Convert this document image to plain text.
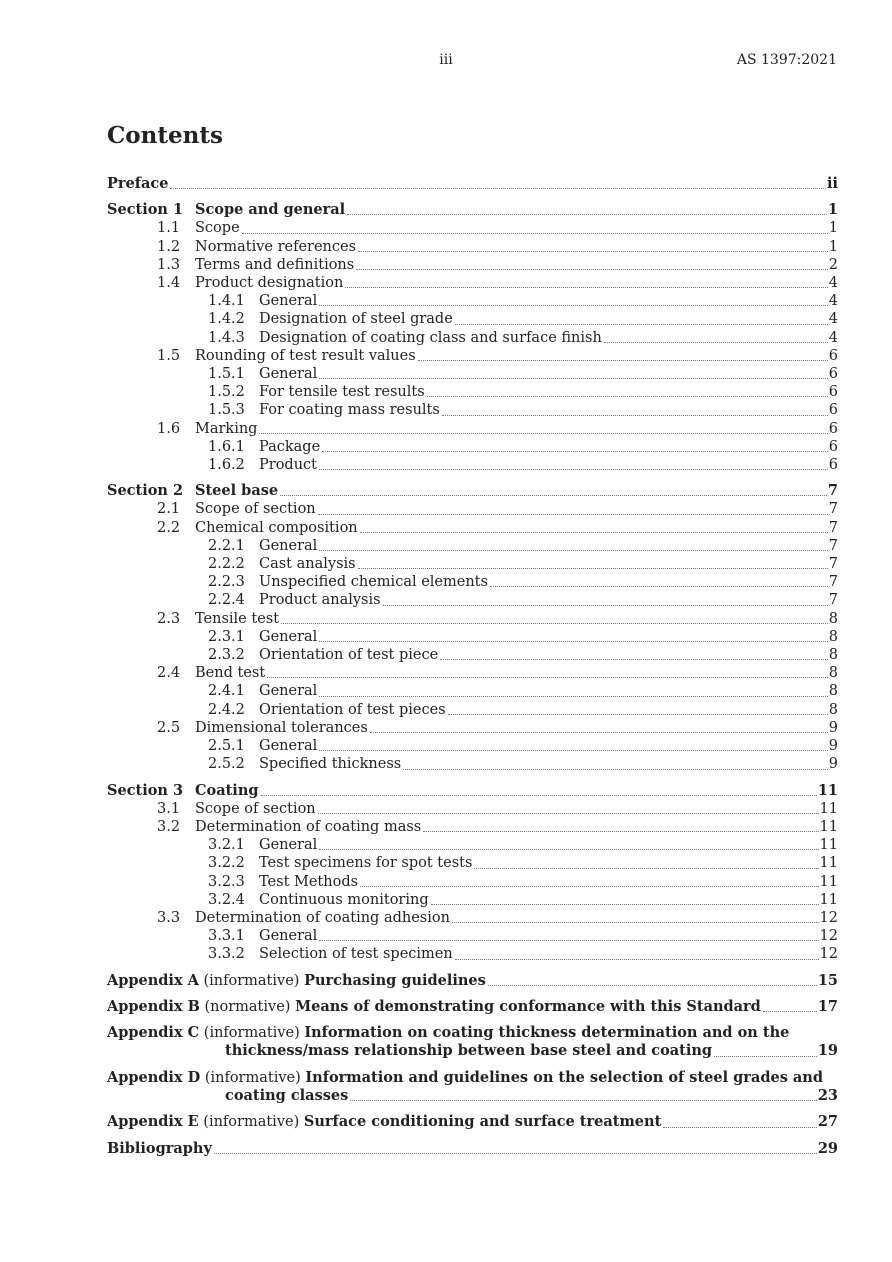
iii	AS 1397:2021
Contents
Preface	ii
Section 1 Scope and general	1
1.1 Scope	1
1.2 Normative references	1
1.3 Terms and definitions	2
1.4 Product designation	4
1.4.1 General	4
1.4.2 Designation of steel grade	4
1.4.3 Designation of coating class and surface finish	4
1.5 Rounding of test result values	6
1.5.1 General	6
1.5.2 For tensile test results	6
1.5.3 For coating mass results	6
1.6 Marking	6
1.6.1 Package	6
1.6.2 Product	6
Section 2 Steel base	7
2.1 Scope of section	7
2.2 Chemical composition	7
2.2.1 General	7
2.2.2 Cast analysis	7
2.2.3 Unspecified chemical elements	7
2.2.4 Product analysis	7
2.3 Tensile test	8
2.3.1 General	8
2.3.2 Orientation of test piece	8
2.4 Bend test	8
2.4.1 General	8
2.4.2 Orientation of test pieces	8
2.5 Dimensional tolerances	9
2.5.1 General	9
2.5.2 Specified thickness	9
Section 3 Coating	11
3.1 Scope of section	11
3.2 Determination of coating mass	11
3.2.1 General	11
3.2.2 Test specimens for spot tests	11
3.2.3 Test Methods	11
3.2.4 Continuous monitoring	11
3.3 Determination of coating adhesion	12
3.3.1 General	12
3.3.2 Selection of test specimen	12
Appendix A (informative) Purchasing guidelines	15
Appendix B (normative) Means of demonstrating conformance with this Standard	17
Appendix C (informative) Information on coating thickness determination and on the
thickness/mass relationship between base steel and coating	19
Appendix D (informative) Information and guidelines on the selection of steel grades and
coating classes	23
Appendix E (informative) Surface conditioning and surface treatment	27
Bibliography	29
